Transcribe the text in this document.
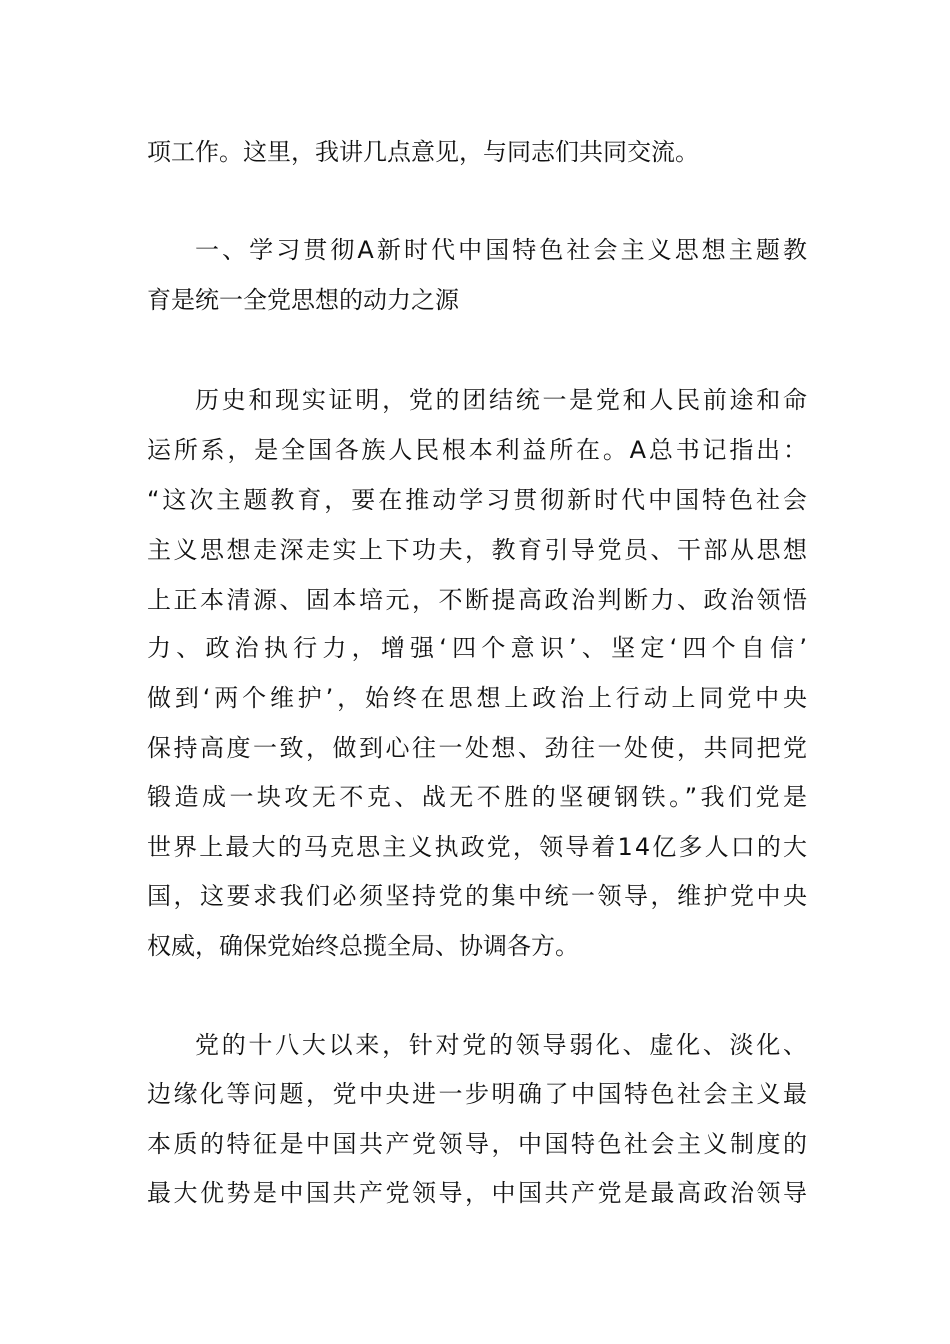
项工作。这里，我讲几点意见，与同志们共同交流。
一、学习贯彻A新时代中国特色社会主义思想主题教
育是统一全党思想的动力之源
历史和现实证明，党的团结统一是党和人民前途和命
运所系，是全国各族人民根本利益所在。A总书记指出：
“这次主题教育，要在推动学习贯彻新时代中国特色社会
主义思想走深走实上下功夫，教育引导党员、干部从思想
上正本清源、固本培元，不断提高政治判断力、政治领悟
力、政治执行力，增强‘四个意识’、坚定‘四个自信’
做到‘两个维护’，始终在思想上政治上行动上同党中央
保持高度一致，做到心往一处想、劲往一处使，共同把党
锻造成一块攻无不克、战无不胜的坚硬钢铁。”我们党是
世界上最大的马克思主义执政党，领导着14亿多人口的大
国，这要求我们必须坚持党的集中统一领导，维护党中央
权威，确保党始终总揽全局、协调各方。
党的十八大以来，针对党的领导弱化、虚化、淡化、
边缘化等问题，党中央进一步明确了中国特色社会主义最
本质的特征是中国共产党领导，中国特色社会主义制度的
最大优势是中国共产党领导，中国共产党是最高政治领导
